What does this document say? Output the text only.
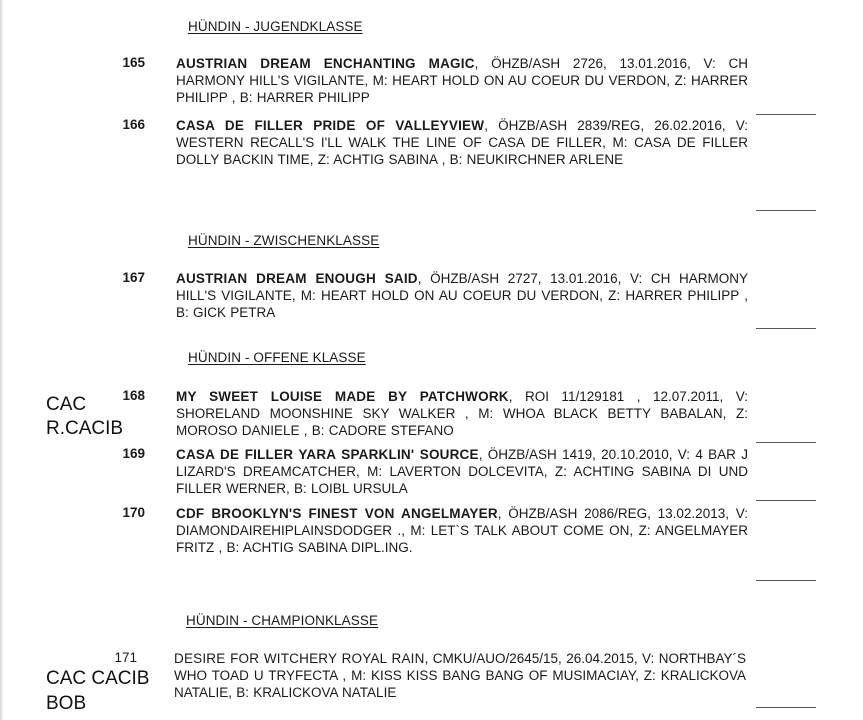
HÜNDIN - JUGENDKLASSE
HÜNDIN - ZWISCHENKLASSE
HÜNDIN - OFFENE KLASSE
HÜNDIN - CHAMPIONKLASSE
165 AUSTRIAN DREAM ENCHANTING MAGIC, ÖHZB/ASH 2726, 13.01.2016, V: CH HARMONY HILL'S VIGILANTE, M: HEART HOLD ON AU COEUR DU VERDON, Z: HARRER PHILIPP , B: HARRER PHILIPP
166 CASA DE FILLER PRIDE OF VALLEYVIEW, ÖHZB/ASH 2839/REG, 26.02.2016, V: WESTERN RECALL'S I'LL WALK THE LINE OF CASA DE FILLER, M: CASA DE FILLER DOLLY BACKIN TIME, Z: ACHTIG SABINA , B: NEUKIRCHNER ARLENE
167 AUSTRIAN DREAM ENOUGH SAID, ÖHZB/ASH 2727, 13.01.2016, V: CH HARMONY HILL'S VIGILANTE, M: HEART HOLD ON AU COEUR DU VERDON, Z: HARRER PHILIPP , B: GICK PETRA
168 MY SWEET LOUISE MADE BY PATCHWORK, ROI 11/129181 , 12.07.2011, V: SHORELAND MOONSHINE SKY WALKER , M: WHOA BLACK BETTY BABALAN, Z: MOROSO DANIELE , B: CADORE STEFANO
CAC
R.CACIB
169 CASA DE FILLER YARA SPARKLIN' SOURCE, ÖHZB/ASH 1419, 20.10.2010, V: 4 BAR J LIZARD'S DREAMCATCHER, M: LAVERTON DOLCEVITA, Z: ACHTING SABINA DI UND FILLER WERNER, B: LOIBL URSULA
170 CDF BROOKLYN'S FINEST VON ANGELMAYER, ÖHZB/ASH 2086/REG, 13.02.2013, V: DIAMONDAIREHIPLAINSDODGER ., M: LET`S TALK ABOUT COME ON, Z: ANGELMAYER FRITZ , B: ACHTIG SABINA DIPL.ING.
171	DESIRE FOR WITCHERY ROYAL RAIN, CMKU/AUO/2645/15, 26.04.2015, V: NORTHBAY´S WHO TOAD U TRYFECTA , M: KISS KISS BANG BANG OF MUSIMACIAY, Z: KRALICKOVA NATALIE, B: KRALICKOVA NATALIE
CAC CACIB
BOB
